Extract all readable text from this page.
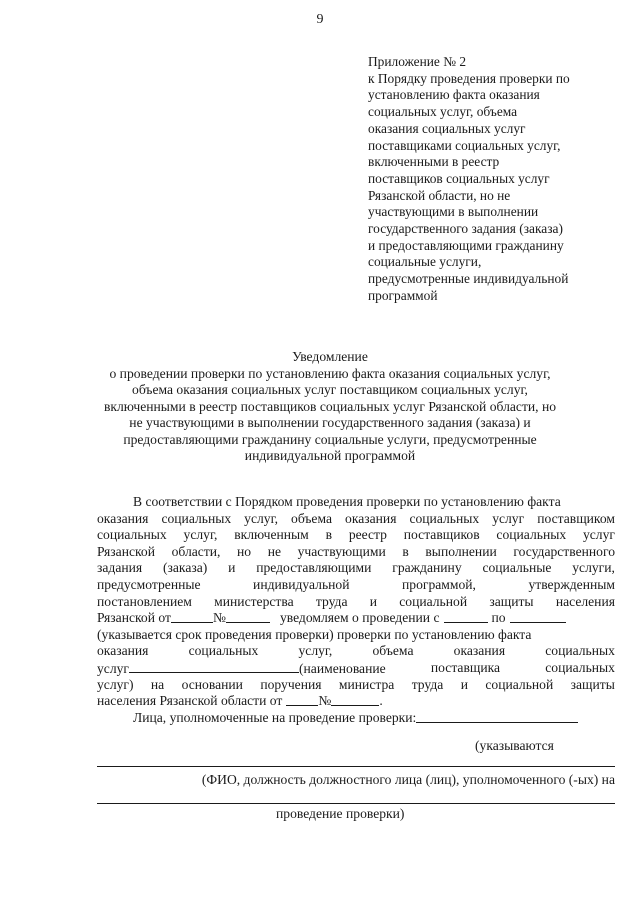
9
Приложение № 2
к Порядку проведения проверки по
установлению факта оказания
социальных услуг, объема
оказания социальных услуг
поставщиками социальных услуг,
включенными в реестр
поставщиков социальных услуг
Рязанской области, но не
участвующими в выполнении
государственного задания (заказа)
и предоставляющими гражданину
социальные услуги,
предусмотренные индивидуальной
программой
Уведомление
о проведении проверки по установлению факта оказания социальных услуг,
объема оказания социальных услуг поставщиком социальных услуг,
включенными в реестр поставщиков социальных услуг Рязанской области, но
не участвующими в выполнении государственного задания (заказа) и
предоставляющими гражданину социальные услуги, предусмотренные
индивидуальной программой
В соответствии с Порядком проведения проверки по установлению факта
оказания социальных услуг, объема оказания социальных услуг поставщиком
социальных услуг, включенным в реестр поставщиков социальных услуг
Рязанской области, но не участвующими в выполнении государственного
задания (заказа) и предоставляющими гражданину социальные услуги,
предусмотренные	индивидуальной	программой,	утвержденным
постановлением министерства труда и социальной защиты населения
Рязанской от	№	уведомляем о проведении с	по
(указывается срок проведения проверки) проверки по установлению факта
оказания	социальных	услуг,	объема	оказания	социальных
услуг	(наименование	поставщика	социальных
услуг) на основании поручения министра труда и социальной защиты
населения Рязанской области от	№	.
Лица, уполномоченные на проведение проверки:
(указываются
(ФИО, должность должностного лица (лиц), уполномоченного (-ых) на
проведение проверки)
